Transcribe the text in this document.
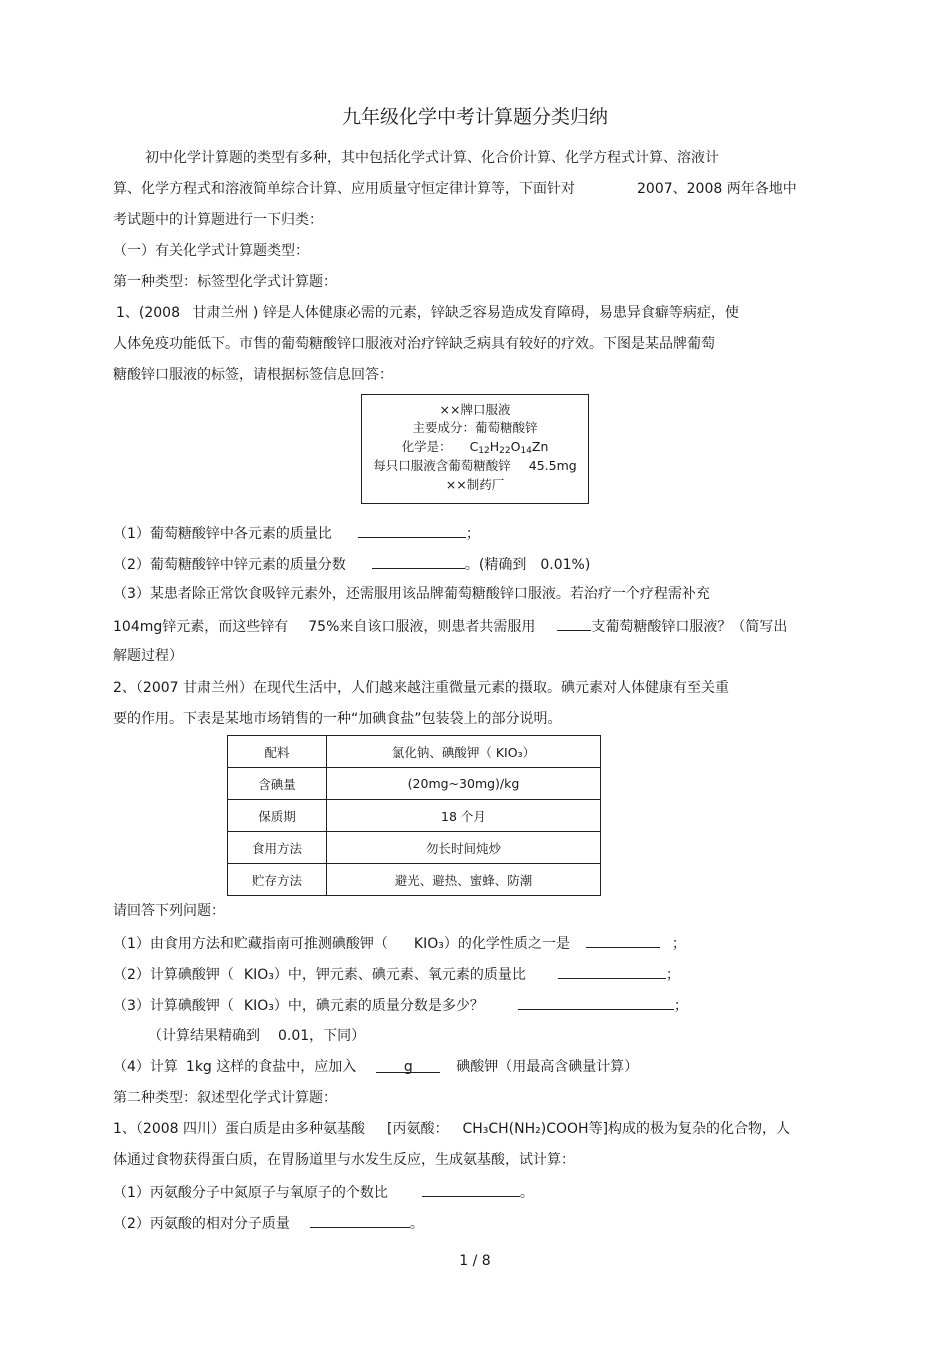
九年级化学中考计算题分类归纳
初中化学计算题的类型有多种，其中包括化学式计算、化合价计算、化学方程式计算、溶液计
算、化学方程式和溶液简单综合计算、应用质量守恒定律计算等，下面针对	2007、2008 两年各地中
考试题中的计算题进行一下归类：
（一）有关化学式计算题类型：
第一种类型：标签型化学式计算题：
1、(2008 甘肃兰州 ) 锌是人体健康必需的元素，锌缺乏容易造成发育障碍，易患异食癖等病症，使
人体免疫功能低下。市售的葡萄糖酸锌口服液对治疗锌缺乏病具有较好的疗效。下图是某品牌葡萄
糖酸锌口服液的标签，请根据标签信息回答：
××牌口服液
主要成分：葡萄糖酸锌
化学是： $C_{12}H_{22}O_{14}Zn$
每只口服液含葡萄糖酸锌 45.5mg
××制药厂
（1）葡萄糖酸锌中各元素的质量比	；
（2）葡萄糖酸锌中锌元素的质量分数	。(精确到 0.01%)
（3）某患者除正常饮食吸锌元素外，还需服用该品牌葡萄糖酸锌口服液。若治疗一个疗程需补充
104mg锌元素，而这些锌有 75%来自该口服液，则患者共需服用	支葡萄糖酸锌口服液？（简写出
解题过程）
2、（2007 甘肃兰州）在现代生活中，人们越来越注重微量元素的摄取。碘元素对人体健康有至关重
要的作用。下表是某地市场销售的一种“加碘食盐”包装袋上的部分说明。
配料	氯化钠、碘酸钾（ KIO₃）
含碘量	(20mg~30mg)/kg
保质期	18 个月
食用方法	勿长时间炖炒
贮存方法	避光、避热、蜜蜂、防潮
请回答下列问题：
（1）由食用方法和贮藏指南可推测碘酸钾（ KIO₃）的化学性质之一是	；
（2）计算碘酸钾（ KIO₃）中，钾元素、碘元素、氧元素的质量比	；
（3）计算碘酸钾（ KIO₃）中，碘元素的质量分数是多少？	；
（计算结果精确到 0.01，下同）
（4）计算 1kg 这样的食盐中，应加入	g	碘酸钾（用最高含碘量计算）
第二种类型：叙述型化学式计算题：
1、（2008 四川）蛋白质是由多种氨基酸 [丙氨酸： CH₃CH(NH₂)COOH等]构成的极为复杂的化合物，人
体通过食物获得蛋白质，在胃肠道里与水发生反应，生成氨基酸，试计算：
（1）丙氨酸分子中氮原子与氧原子的个数比	。
（2）丙氨酸的相对分子质量	。
1 / 8
